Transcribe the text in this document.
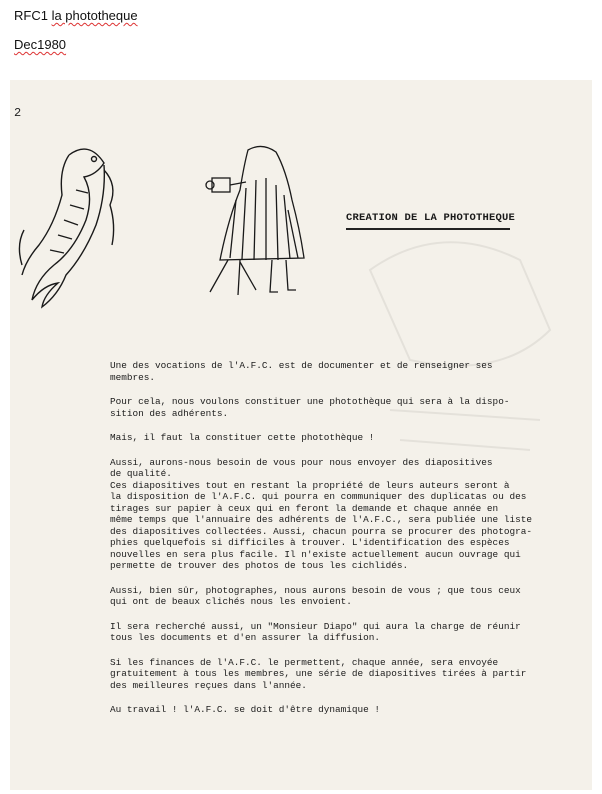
RFC1 la phototheque
Dec1980
2
CREATION DE LA PHOTOTHEQUE

Une des vocations de l'A.F.C. est de documenter et de renseigner ses
membres.

Pour cela, nous voulons constituer une photothèque qui sera à la dispo-
sition des adhérents.

Mais, il faut la constituer cette photothèque !

Aussi, aurons-nous besoin de vous pour nous envoyer des diapositives
de qualité.

Ces diapositives tout en restant la propriété de leurs auteurs seront à
la disposition de l'A.F.C. qui pourra en communiquer des duplicatas ou des
tirages sur papier à ceux qui en feront la demande et chaque année en
même temps que l'annuaire des adhérents de l'A.F.C., sera publiée une liste
des diapositives collectées. Aussi, chacun pourra se procurer des photogra-
phies quelquefois si difficiles à trouver. L'identification des espèces
nouvelles en sera plus facile. Il n'existe actuellement aucun ouvrage qui
permette de trouver des photos de tous les cichlidés.

Aussi, bien sûr, photographes, nous aurons besoin de vous ; que tous ceux
qui ont de beaux clichés nous les envoient.

Il sera recherché aussi, un "Monsieur Diapo" qui aura la charge de réunir
tous les documents et d'en assurer la diffusion.

Si les finances de l'A.F.C. le permettent, chaque année, sera envoyée
gratuitement à tous les membres, une série de diapositives tirées à partir
des meilleures reçues dans l'année.

Au travail ! l'A.F.C. se doit d'être dynamique !
